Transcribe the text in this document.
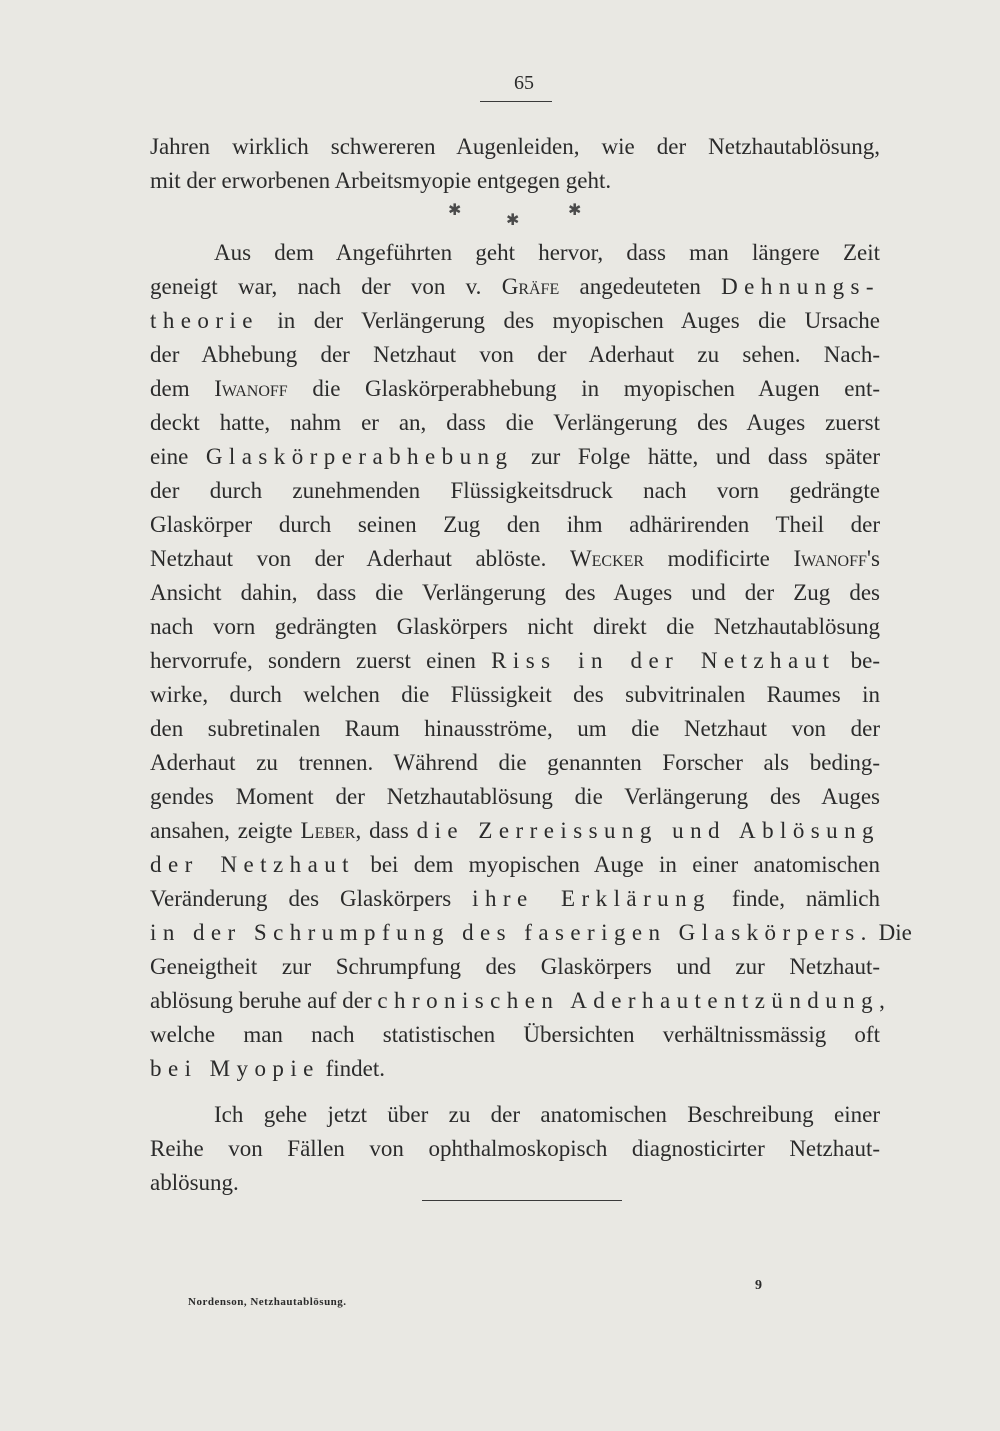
65
Jahren wirklich schwereren Augenleiden, wie der Netzhautablösung,
mit der erworbenen Arbeitsmyopie entgegen geht.
✱
✱
✱
Aus dem Angeführten geht hervor, dass man längere Zeit
geneigt war, nach der von v. Gräfe angedeuteten Dehnungs-
theorie in der Verlängerung des myopischen Auges die Ursache
der Abhebung der Netzhaut von der Aderhaut zu sehen. Nach-
dem Iwanoff die Glaskörperabhebung in myopischen Augen ent-
deckt hatte, nahm er an, dass die Verlängerung des Auges zuerst
eine Glaskörperabhebung zur Folge hätte, und dass später
der durch zunehmenden Flüssigkeitsdruck nach vorn gedrängte
Glaskörper durch seinen Zug den ihm adhärirenden Theil der
Netzhaut von der Aderhaut ablöste. Wecker modificirte Iwanoff's
Ansicht dahin, dass die Verlängerung des Auges und der Zug des
nach vorn gedrängten Glaskörpers nicht direkt die Netzhautablösung
hervorrufe, sondern zuerst einen Riss in der Netzhaut be-
wirke, durch welchen die Flüssigkeit des subvitrinalen Raumes in
den subretinalen Raum hinausströme, um die Netzhaut von der
Aderhaut zu trennen. Während die genannten Forscher als beding-
gendes Moment der Netzhautablösung die Verlängerung des Auges
ansahen, zeigte Leber, dass die Zerreissung und Ablösung
der Netzhaut bei dem myopischen Auge in einer anatomischen
Veränderung des Glaskörpers ihre Erklärung finde, nämlich
in der Schrumpfung des faserigen Glaskörpers. Die
Geneigtheit zur Schrumpfung des Glaskörpers und zur Netzhaut-
ablösung beruhe auf der chronischen Aderhautentzündung,
welche man nach statistischen Übersichten verhältnissmässig oft
bei Myopie findet.
Ich gehe jetzt über zu der anatomischen Beschreibung einer
Reihe von Fällen von ophthalmoskopisch diagnosticirter Netzhaut-
ablösung.
Nordenson, Netzhautablösung.
9
